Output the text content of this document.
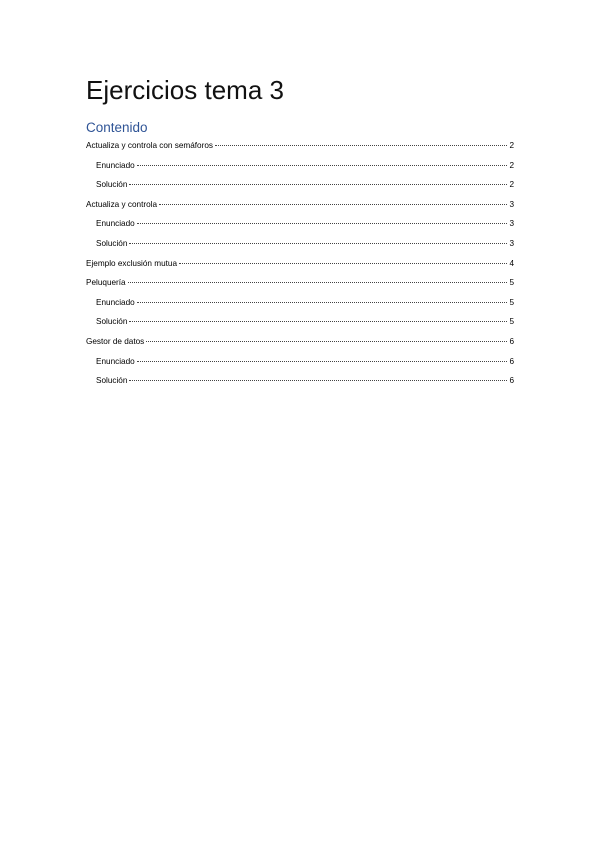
Ejercicios tema 3
Contenido
Actualiza y controla con semáforos	2
Enunciado	2
Solución	2
Actualiza y controla	3
Enunciado	3
Solución	3
Ejemplo exclusión mutua	4
Peluquería	5
Enunciado	5
Solución	5
Gestor de datos	6
Enunciado	6
Solución	6
